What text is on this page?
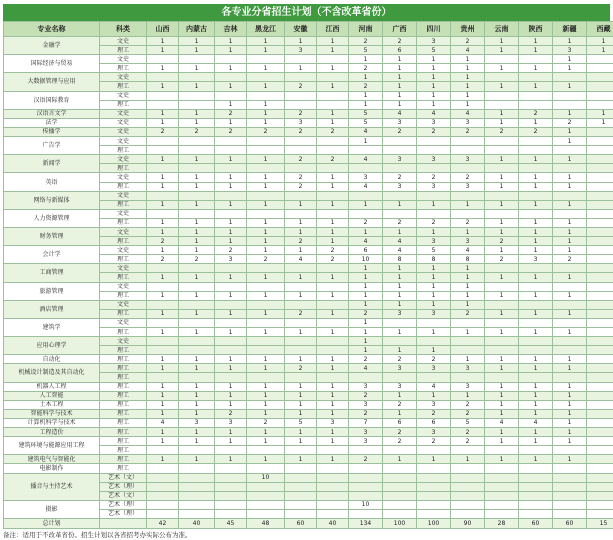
各专业分省招生计划（不含改革省份）
专业名称	科类	山西	内蒙古	吉林	黑龙江	安徽	江西	河南	广西	四川	贵州	云南	陕西	新疆	西藏
金融学	文史	1	1	1	1	1	1	2	2	3	2	1	1	1	1
	理工	1	1	1	1	3	1	5	6	5	4	1	1	3	1
国际经济与贸易	文史							1	1	1	1			1	
	理工	1	1	1	1	1	1	2	1	1	1	1	1	1	
大数据管理与应用	文史							1	1	1	1				
	理工	1	1	1	1	2	1	2	1	1	1	1	1	1	
汉语国际教育	文史							1	1	1	1				
	理工			1	1			1	1	1	1				
汉语言文学	文史	1	1	2	1	2	1	5	4	4	4	1	2	1	1
法学	文史	1	1	1	1	3	1	5	3	3	3	1	1	2	1
传播学	文史	2	2	2	2	2	2	4	2	2	2	2	2	1	
广告学	文史							1						1	
	理工														
新闻学	文史	1	1	1	1	2	2	4	3	3	3	1	1	1	
	理工														
英语	文史	1	1	1	1	2	1	3	2	2	2	1	1	1	
	理工	1	1	1	1	2	1	4	3	3	3	1	1	1	
网络与新媒体	文史														
	理工	1	1	1	1	1	1	1	1	1	1	1	1	1	
人力资源管理	文史														
	理工	1	1	1	1	1	1	2	2	2	2	1	1	1	
财务管理	文史	1	1	1	1	1	1	1	1	1	1	1	1	1	
	理工	2	1	1	1	2	1	4	4	3	3	2	1	1	
会计学	文史	1	1	2	1	1	2	6	4	5	4	1	1	1	
	理工	2	2	3	2	4	2	10	8	8	8	2	3	2	
工商管理	文史							1	1	1	1				
	理工	1	1	1	1	1	1	1	1	1	1	1	1	1	
旅游管理	文史							1	1	1	1				
	理工	1	1	1	1	1	1	1	1	1	1	1	1	1	
酒店管理	文史							1	1	1	1				
	理工	1	1	1	1	2	1	2	3	3	2	1	1	1	
建筑学	文史							1							
	理工	1	1	1	1	1	1	1	1	1	1	1	1	1	
应用心理学	文史							1							
	理工							1	1	1					
自动化	理工	1	1	1	1	1	1	2	2	2	1	1	1	1	
机械设计制造及其自动化	理工	1	1	1	1	2	1	4	3	3	3	1	1	1	
	理工														
机器人工程	理工	1	1	1	1	1	1	3	3	4	3	1	1	1	
人工智能	理工	1	1	1	1	1	1	2	1	1	1	1	1	1	
土木工程	理工	1	1	1	1	1	1	3	2	3	2	1	1	1	
智能科学与技术	理工	1	1	2	1	1	1	2	1	2	2	1	1	1	
计算机科学与技术	理工	4	3	3	2	5	3	7	6	6	5	4	4	1	
工程造价	理工	1	1	1	1	1	1	3	2	3	2	1	1	1	
建筑环境与能源应用工程	理工	1	1	1	1	1	1	3	2	2	2	1	1	1	
	理工														
建筑电气与智能化	理工	1	1	1	1	1	1	2	1	1	1	1	1	1	
电影制作	理工														
播音与主持艺术	艺术（文）				10										
	艺术（理）														
	艺术（文）														
摄影	艺术（理）							10							
	艺术（理）														
总计划		42	40	45	48	60	40	134	100	100	90	28	60	60	15
备注：适用于不改革省份。招生计划以各省招考办实际公布为准。
